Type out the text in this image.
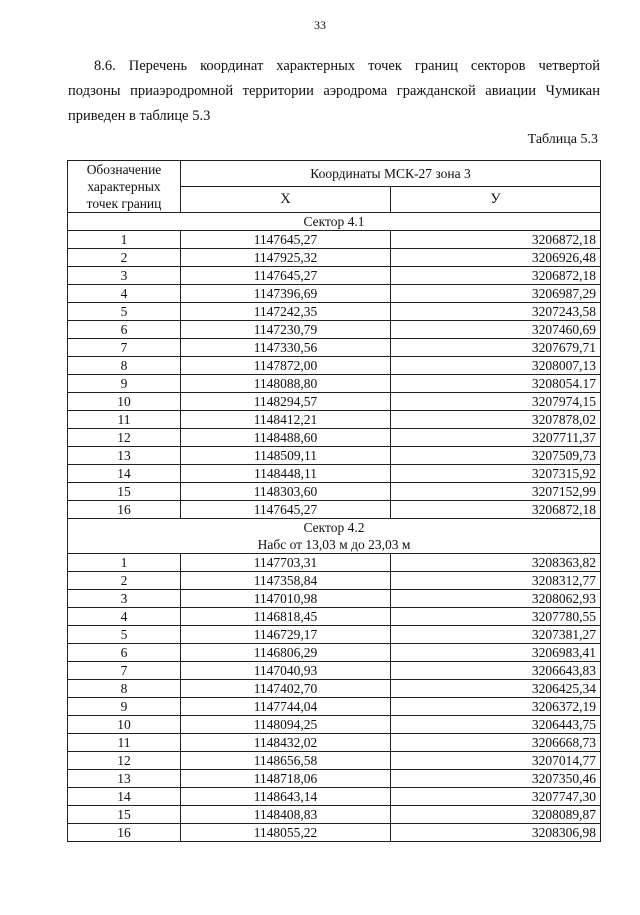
33
8.6. Перечень координат характерных точек границ секторов четвертой
подзоны приаэродромной территории аэродрома гражданской авиации Чумикан
приведен в таблице 5.3
Таблица 5.3
Обозначение характерных точек границ	Координаты МСК-27 зона 3	
	Х	У

Сектор 4.1		

1	1147645,27	3206872,18
2	1147925,32	3206926,48
3	1147645,27	3206872,18
4	1147396,69	3206987,29
5	1147242,35	3207243,58
6	1147230,79	3207460,69
7	1147330,56	3207679,71
8	1147872,00	3208007,13
9	1148088,80	3208054.17
10	1148294,57	3207974,15
11	1148412,21	3207878,02
12	1148488,60	3207711,37
13	1148509,11	3207509,73
14	1148448,11	3207315,92
15	1148303,60	3207152,99
16	1147645,27	3206872,18

Сектор 4.2
Набс от 13,03 м до 23,03 м		

1	1147703,31	3208363,82
2	1147358,84	3208312,77
3	1147010,98	3208062,93
4	1146818,45	3207780,55
5	1146729,17	3207381,27
6	1146806,29	3206983,41
7	1147040,93	3206643,83
8	1147402,70	3206425,34
9	1147744,04	3206372,19
10	1148094,25	3206443,75
11	1148432,02	3206668,73
12	1148656,58	3207014,77
13	1148718,06	3207350,46
14	1148643,14	3207747,30
15	1148408,83	3208089,87
16	1148055,22	3208306,98
